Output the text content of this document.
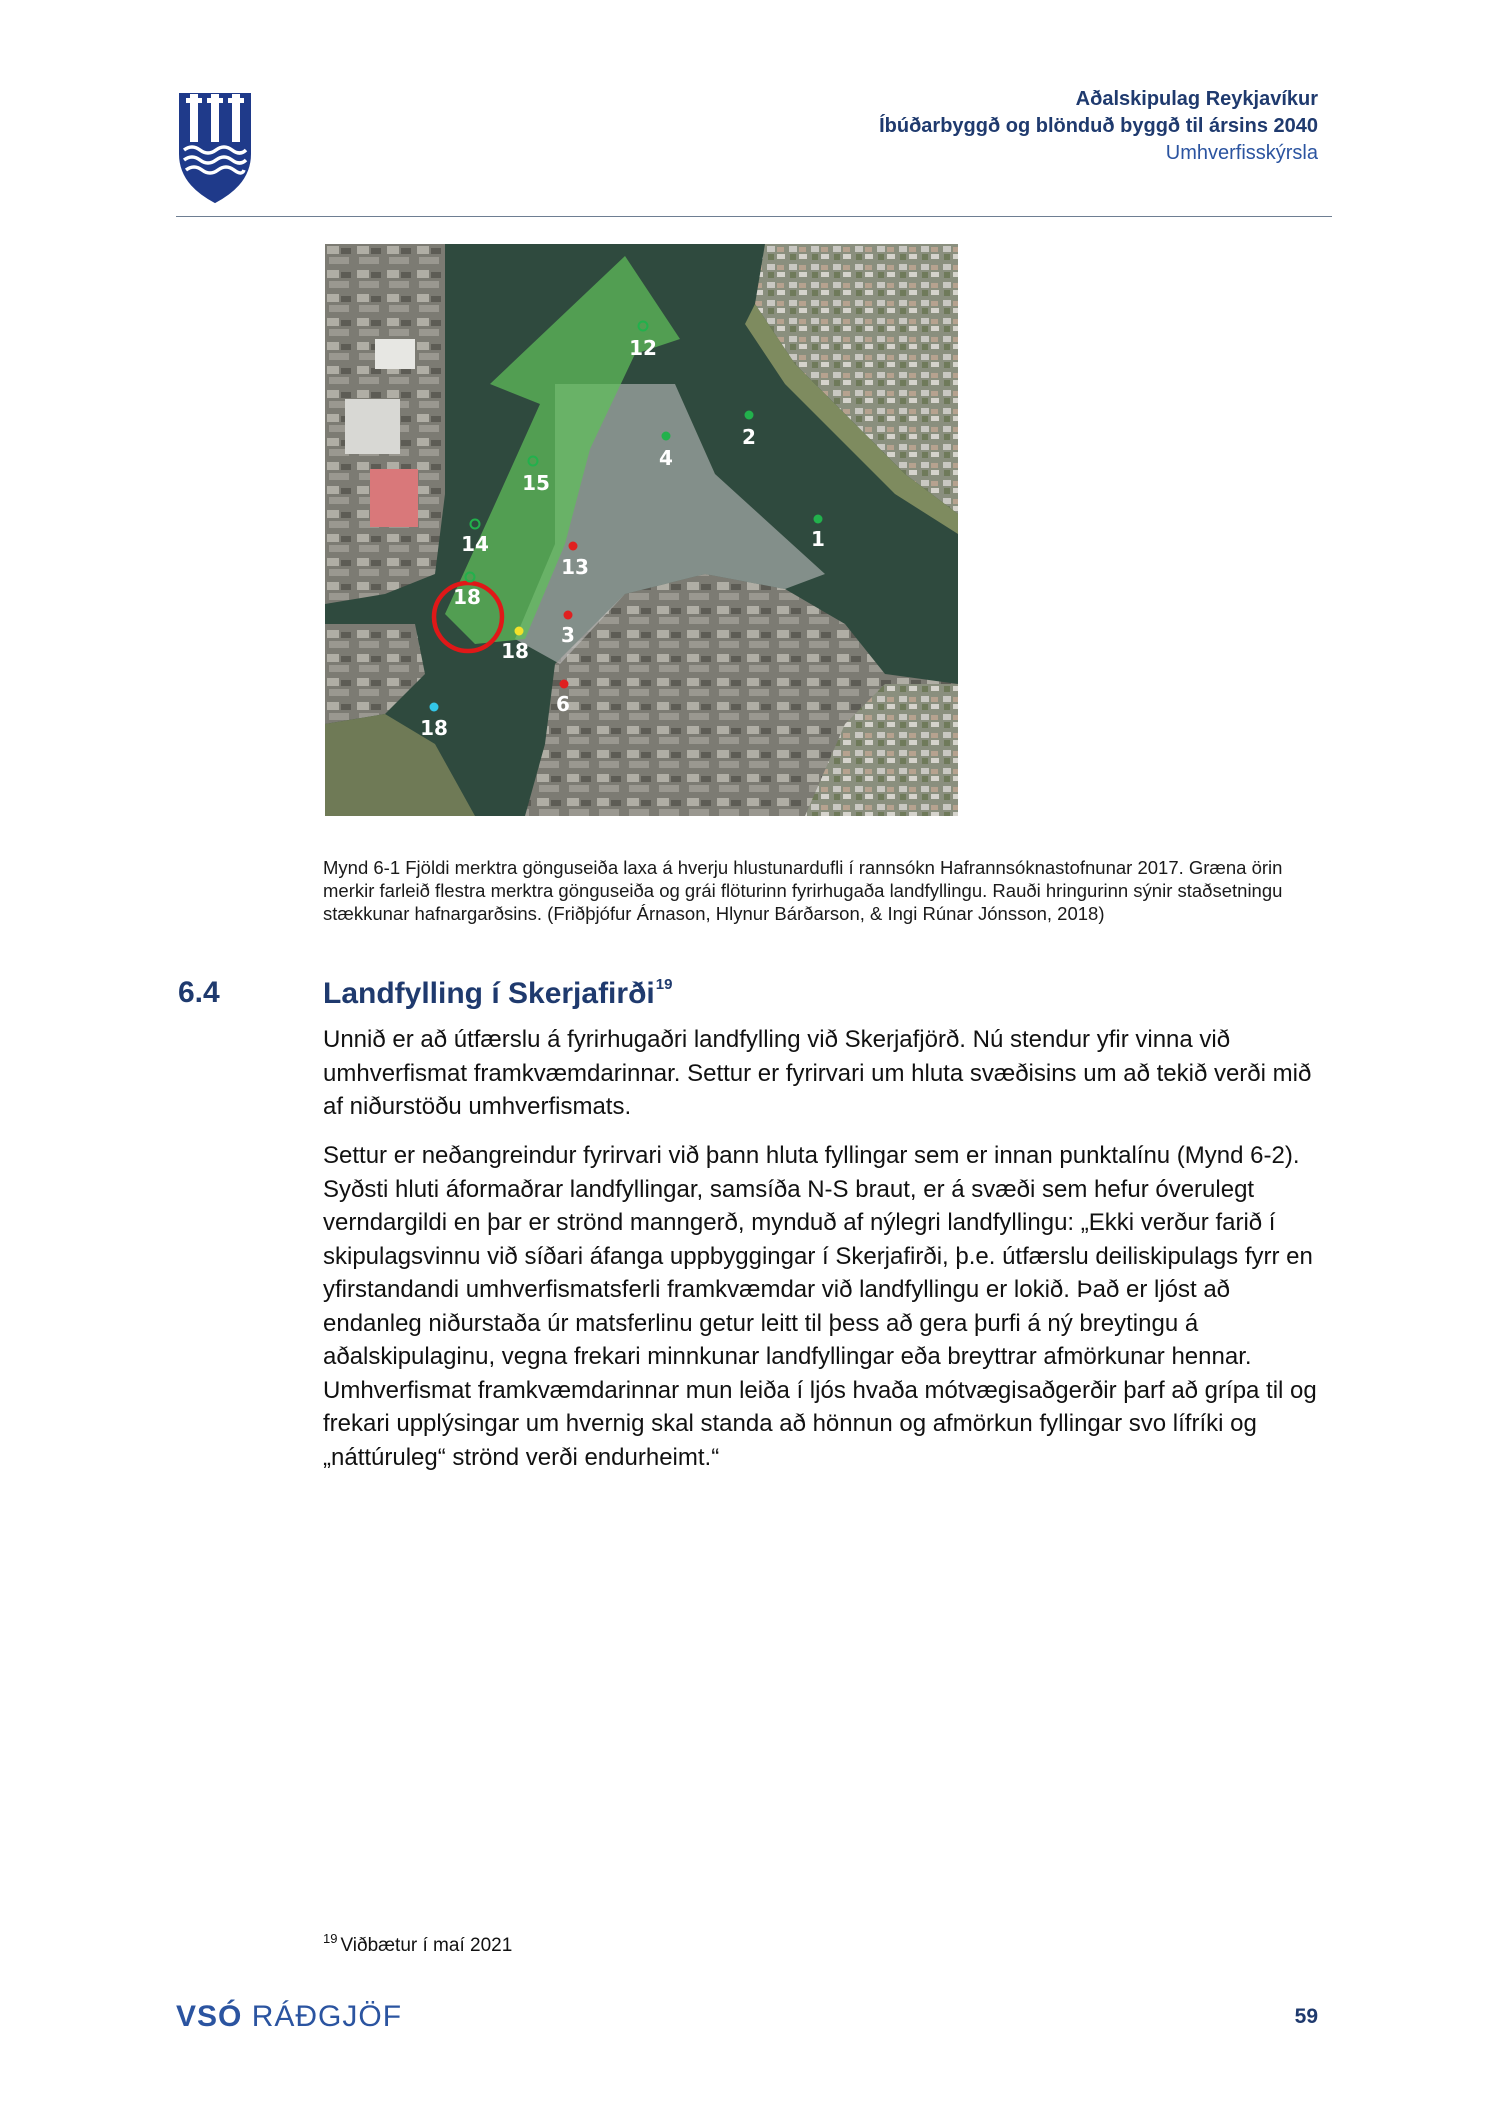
Aðalskipulag Reykjavíkur
Íbúðarbyggð og blönduð byggð til ársins 2040
Umhverfisskýrsla
12
2
4
15
1
14
13
18
18
3
6
18
Mynd 6-1 Fjöldi merktra gönguseiða laxa á hverju hlustunardufli í rannsókn Hafrannsóknastofnunar 2017. Græna örin merkir farleið flestra merktra gönguseiða og grái flöturinn fyrirhugaða landfyllingu. Rauði hringurinn sýnir staðsetningu stækkunar hafnargarðsins. (Friðþjófur Árnason, Hlynur Bárðarson, & Ingi Rúnar Jónsson, 2018)
6.4	Landfylling í Skerjafirði$^{19}$
Unnið er að útfærslu á fyrirhugaðri landfylling við Skerjafjörð. Nú stendur yfir vinna við umhverfismat framkvæmdarinnar. Settur er fyrirvari um hluta svæðisins um að tekið verði mið af niðurstöðu umhverfismats.
Settur er neðangreindur fyrirvari við þann hluta fyllingar sem er innan punktalínu (Mynd 6-2). Syðsti hluti áformaðrar landfyllingar, samsíða N-S braut, er á svæði sem hefur óverulegt verndargildi en þar er strönd manngerð, mynduð af nýlegri landfyllingu: „Ekki verður farið í skipulagsvinnu við síðari áfanga uppbyggingar í Skerjafirði, þ.e. útfærslu deiliskipulags fyrr en yfirstandandi umhverfismatsferli framkvæmdar við landfyllingu er lokið. Það er ljóst að endanleg niðurstaða úr matsferlinu getur leitt til þess að gera þurfi á ný breytingu á aðalskipulaginu, vegna frekari minnkunar landfyllingar eða breyttrar afmörkunar hennar. Umhverfismat framkvæmdarinnar mun leiða í ljós hvaða mótvægisaðgerðir þarf að grípa til og frekari upplýsingar um hvernig skal standa að hönnun og afmörkun fyllingar svo lífríki og „náttúruleg“ strönd verði endurheimt.“
$^{19}$ Viðbætur í maí 2021
VSÓ RÁÐGJÖF	59
